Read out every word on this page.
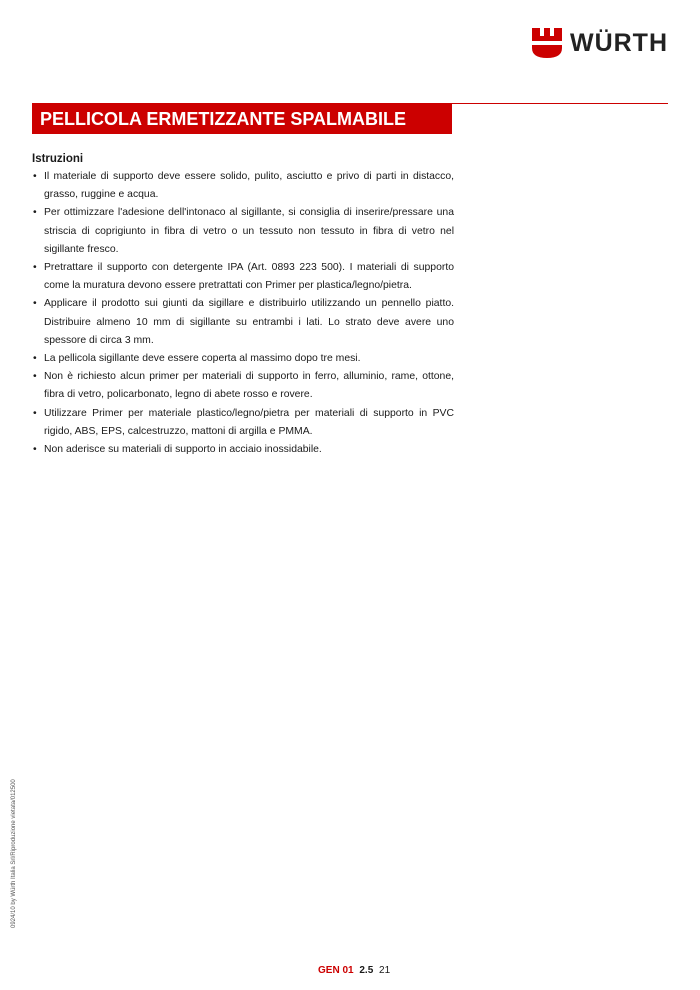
WÜRTH
PELLICOLA ERMETIZZANTE SPALMABILE
Istruzioni
• Il materiale di supporto deve essere solido, pulito, asciutto e privo di parti in distacco, grasso, ruggine e acqua.
• Per ottimizzare l'adesione dell'intonaco al sigillante, si consiglia di inserire/pressare una striscia di coprigiunto in fibra di vetro o un tessuto non tessuto in fibra di vetro nel sigillante fresco.
• Pretrattare il supporto con detergente IPA (Art. 0893 223 500). I materiali di supporto come la muratura devono essere pretrattati con Primer per plastica/legno/pietra.
• Applicare il prodotto sui giunti da sigillare e distribuirlo utilizzando un pennello piatto. Distribuire almeno 10 mm di sigillante su entrambi i lati. Lo strato deve avere uno spessore di circa 3 mm.
• La pellicola sigillante deve essere coperta al massimo dopo tre mesi.
• Non è richiesto alcun primer per materiali di supporto in ferro, alluminio, rame, ottone, fibra di vetro, policarbonato, legno di abete rosso e rovere.
• Utilizzare Primer per materiale plastico/legno/pietra per materiali di supporto in PVC rigido, ABS, EPS, calcestruzzo, mattoni di argilla e PMMA.
• Non aderisce su materiali di supporto in acciaio inossidabile.
0924/10 by Würth Italia Srl/Riproduzione vietata/012500
GEN 01 2.5 21
